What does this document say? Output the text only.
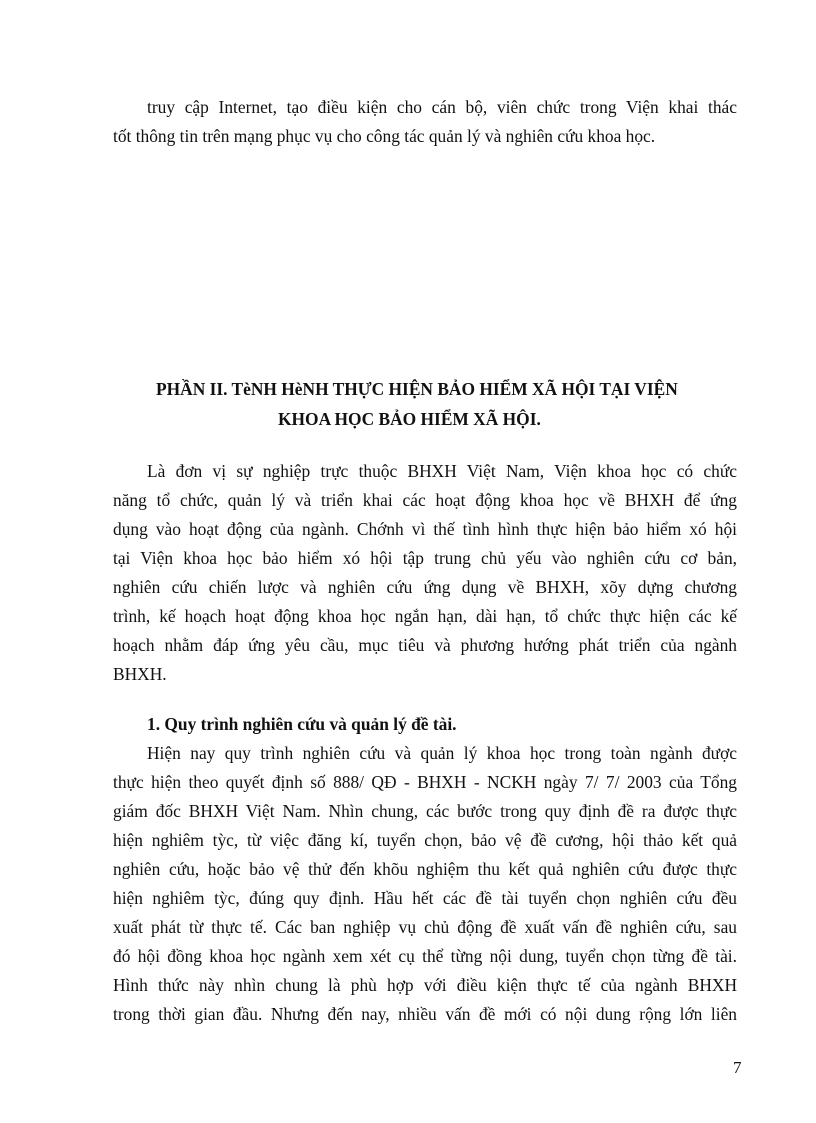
truy cập Internet, tạo điều kiện cho cán bộ, viên chức trong Viện khai thác
tốt thông tin trên mạng phục vụ cho công tác quản lý và nghiên cứu khoa học.
PHẦN II. TèNH HèNH THỰC HIỆN BẢO HIỂM XÃ HỘI TẠI VIỆN
KHOA HỌC BẢO HIỂM XÃ HỘI.
Là đơn vị sự nghiệp trực thuộc BHXH Việt Nam, Viện khoa học có chức
năng tổ chức, quản lý và triển khai các hoạt động khoa học về BHXH để ứng
dụng vào hoạt động của ngành. Chớnh vì thế tình hình thực hiện bảo hiểm xó hội
tại Viện khoa học bảo hiểm xó hội tập trung chủ yếu vào nghiên cứu cơ bản,
nghiên cứu chiến lược và nghiên cứu ứng dụng về BHXH, xõy dựng chương
trình, kế hoạch hoạt động khoa học ngắn hạn, dài hạn, tổ chức thực hiện các kế
hoạch nhằm đáp ứng yêu cầu, mục tiêu và phương hướng phát triển của ngành
BHXH.
1. Quy trình nghiên cứu và quản lý đề tài.
Hiện nay quy trình nghiên cứu và quản lý khoa học trong toàn ngành được
thực hiện theo quyết định số 888/ QĐ - BHXH - NCKH ngày 7/ 7/ 2003 của Tổng
giám đốc BHXH Việt Nam. Nhìn chung, các bước trong quy định đề ra được thực
hiện nghiêm tỳc, từ việc đăng kí, tuyển chọn, bảo vệ đề cương, hội thảo kết quả
nghiên cứu, hoặc bảo vệ thử đến khõu nghiệm thu kết quả nghiên cứu được thực
hiện nghiêm tỳc, đúng quy định. Hầu hết các đề tài tuyển chọn nghiên cứu đều
xuất phát từ thực tế. Các ban nghiệp vụ chủ động đề xuất vấn đề nghiên cứu, sau
đó hội đồng khoa học ngành xem xét cụ thể từng nội dung, tuyển chọn từng đề tài.
Hình thức này nhìn chung là phù hợp với điều kiện thực tế của ngành BHXH
trong thời gian đầu. Nhưng đến nay, nhiều vấn đề mới có nội dung rộng lớn liên
7
